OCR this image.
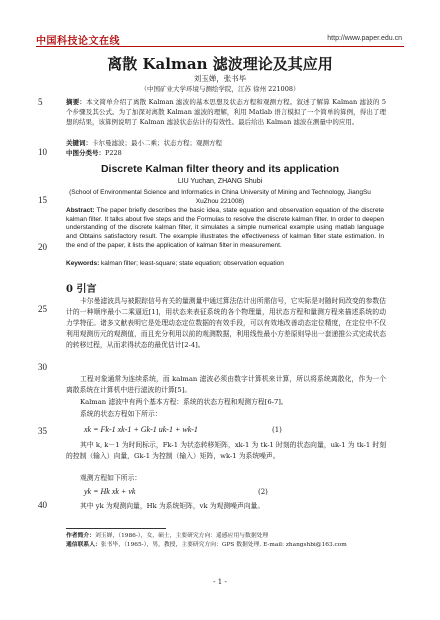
中国科技论文在线	http://www.paper.edu.cn
5
10
15
20
25
30
35
40
离散 Kalman 滤波理论及其应用
刘玉婵，张书毕
（中国矿业大学环境与测绘学院，江苏 徐州 221008）
摘要：本文简单介绍了离散 Kalman 滤波的基本思想及状态方程和观测方程。叙述了解算 Kalman 滤波的 5 个步骤及其公式。为了加深对离散 Kalman 滤波的理解，利用 Matlab 语言模拟了一个简单的算例，得出了理想的结果，该算例说明了 Kalman 滤波状态估计的有效性。最后给出 Kalman 滤波在测量中的应用。
关键词：卡尔曼滤波；最小二乘；状态方程；观测方程
中图分类号：P228
Discrete Kalman filter theory and its application
LIU Yuchan, ZHANG Shubi
(School of Environmental Science and Informatics in China University of Mining and Technology, JiangSu XuZhou 221008)
Abstract: The paper briefly describes the basic idea, state equation and observation equation of the discrete kalman filter. It talks about five steps and the Formulas to resolve the discrete kalman filter. In order to deepen understanding of the discrete kalman filter, it simulates a simple numerical example using matlab language and Obtains satisfactory result. The example illustrates the effectiveness of kalman filter state estimation. In the end of the paper, it lists the application of kalman filter in measurement.
Keywords: kalman filter; least-square; state equation; observation equation
0 引言
卡尔曼滤波具与被跟踪信号有关的量测量中通过算法估计出所需信号，它实际是对随时间改变的参数估计的一种顺序最小二乘逼近[1]，用状态来表征系统的各个物理量，用状态方程和量测方程来描述系统的动力学特征。诸多文献表明它是处理动态定位数据的有效手段，可以有效地改善动态定位精度，在定位中不仅利用观测历元的观测值，而且充分利用以前的观测数据，利用线性最小方差原则导出一套递推公式完成状态的转移过程，从而求得状态的最优估计[2-4]。
工程对象通常为连续系统，而 kalman 滤波必须由数字计算机来计算，所以将系统离散化，作为一个离散系统在计算机中进行滤波的计算[5]。
Kalman 滤波中有两个基本方程：系统的状态方程和观测方程[6-7]。
系统的状态方程如下所示：
xk = Fk-1 xk-1 + Gk-1 uk-1 + wk-1	(1)
其中 k, k－1 为时间标示，Fk-1 为状态转移矩阵，xk-1 为 tk-1 时刻的状态向量，uk-1 为 tk-1 时刻的控制（输入）向量，Gk-1 为控制（输入）矩阵，wk-1 为系统噪声。
观测方程如下所示：
yk = Hk xk + vk	(2)
其中 yk 为观测向量，Hk 为系统矩阵，vk 为观测噪声向量。
作者简介：刘玉婵，（1986-），女，硕士，主要研究方向：遥感应用与数据处理
通信联系人：张书毕，（1965-），男，教授，主要研究方向：GPS 数据处理. E-mail: zhangshbi@163.com
- 1 -
